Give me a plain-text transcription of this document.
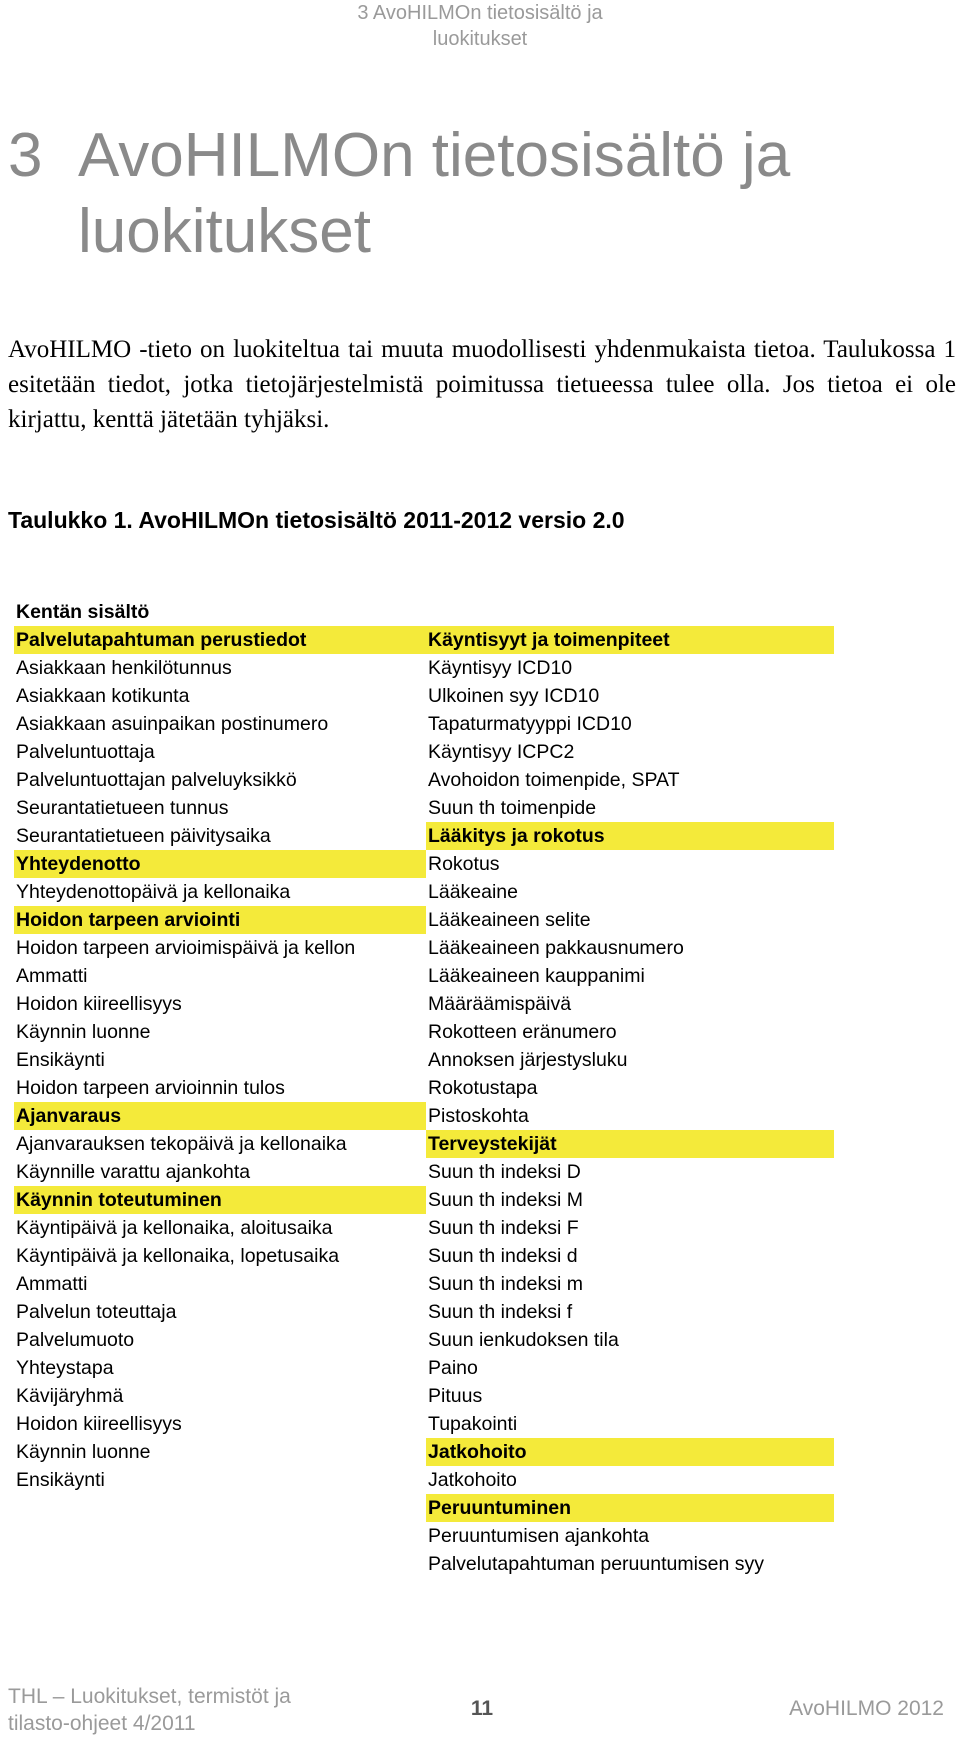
3 AvoHILMOn tietosisältö ja luokitukset
3 AvoHILMOn tietosisältö ja
luokitukset

AvoHILMO -tieto on luokiteltua tai muuta muodollisesti yhdenmukaista tietoa. Taulukossa 1 esitetään tiedot, jotka tietojärjestelmistä poimitussa tietueessa tulee olla. Jos tietoa ei ole kirjattu, kenttä jätetään tyhjäksi.

Taulukko 1. AvoHILMOn tietosisältö 2011-2012 versio 2.0

Kentän sisältö
Palvelutapahtuman perustiedot
Asiakkaan henkilötunnus
Asiakkaan kotikunta
Asiakkaan asuinpaikan postinumero
Palveluntuottaja
Palveluntuottajan palveluyksikkö
Seurantatietueen tunnus
Seurantatietueen päivitysaika
Yhteydenotto
Yhteydenottopäivä ja kellonaika
Hoidon tarpeen arviointi
Hoidon tarpeen arvioimispäivä ja kellon
Ammatti
Hoidon kiireellisyys
Käynnin luonne
Ensikäynti
Hoidon tarpeen arvioinnin tulos
Ajanvaraus
Ajanvarauksen tekopäivä ja kellonaika
Käynnille varattu ajankohta
Käynnin toteutuminen
Käyntipäivä ja kellonaika, aloitusaika
Käyntipäivä ja kellonaika, lopetusaika
Ammatti
Palvelun toteuttaja
Palvelumuoto
Yhteystapa
Kävijäryhmä
Hoidon kiireellisyys
Käynnin luonne
Ensikäynti
Käyntisyyt ja toimenpiteet
Käyntisyy ICD10
Ulkoinen syy ICD10
Tapaturmatyyppi ICD10
Käyntisyy ICPC2
Avohoidon toimenpide, SPAT
Suun th toimenpide
Lääkitys ja rokotus
Rokotus
Lääkeaine
Lääkeaineen selite
Lääkeaineen pakkausnumero
Lääkeaineen kauppanimi
Määräämispäivä
Rokotteen eränumero
Annoksen järjestysluku
Rokotustapa
Pistoskohta
Terveystekijät
Suun th indeksi D
Suun th indeksi M
Suun th indeksi F
Suun th indeksi d
Suun th indeksi m
Suun th indeksi f
Suun ienkudoksen tila
Paino
Pituus
Tupakointi
Jatkohoito
Jatkohoito
Peruuntuminen
Peruuntumisen ajankohta
Palvelutapahtuman peruuntumisen syy
THL – Luokitukset, termistöt ja
tilasto-ohjeet 4/2011
11	AvoHILMO 2012
